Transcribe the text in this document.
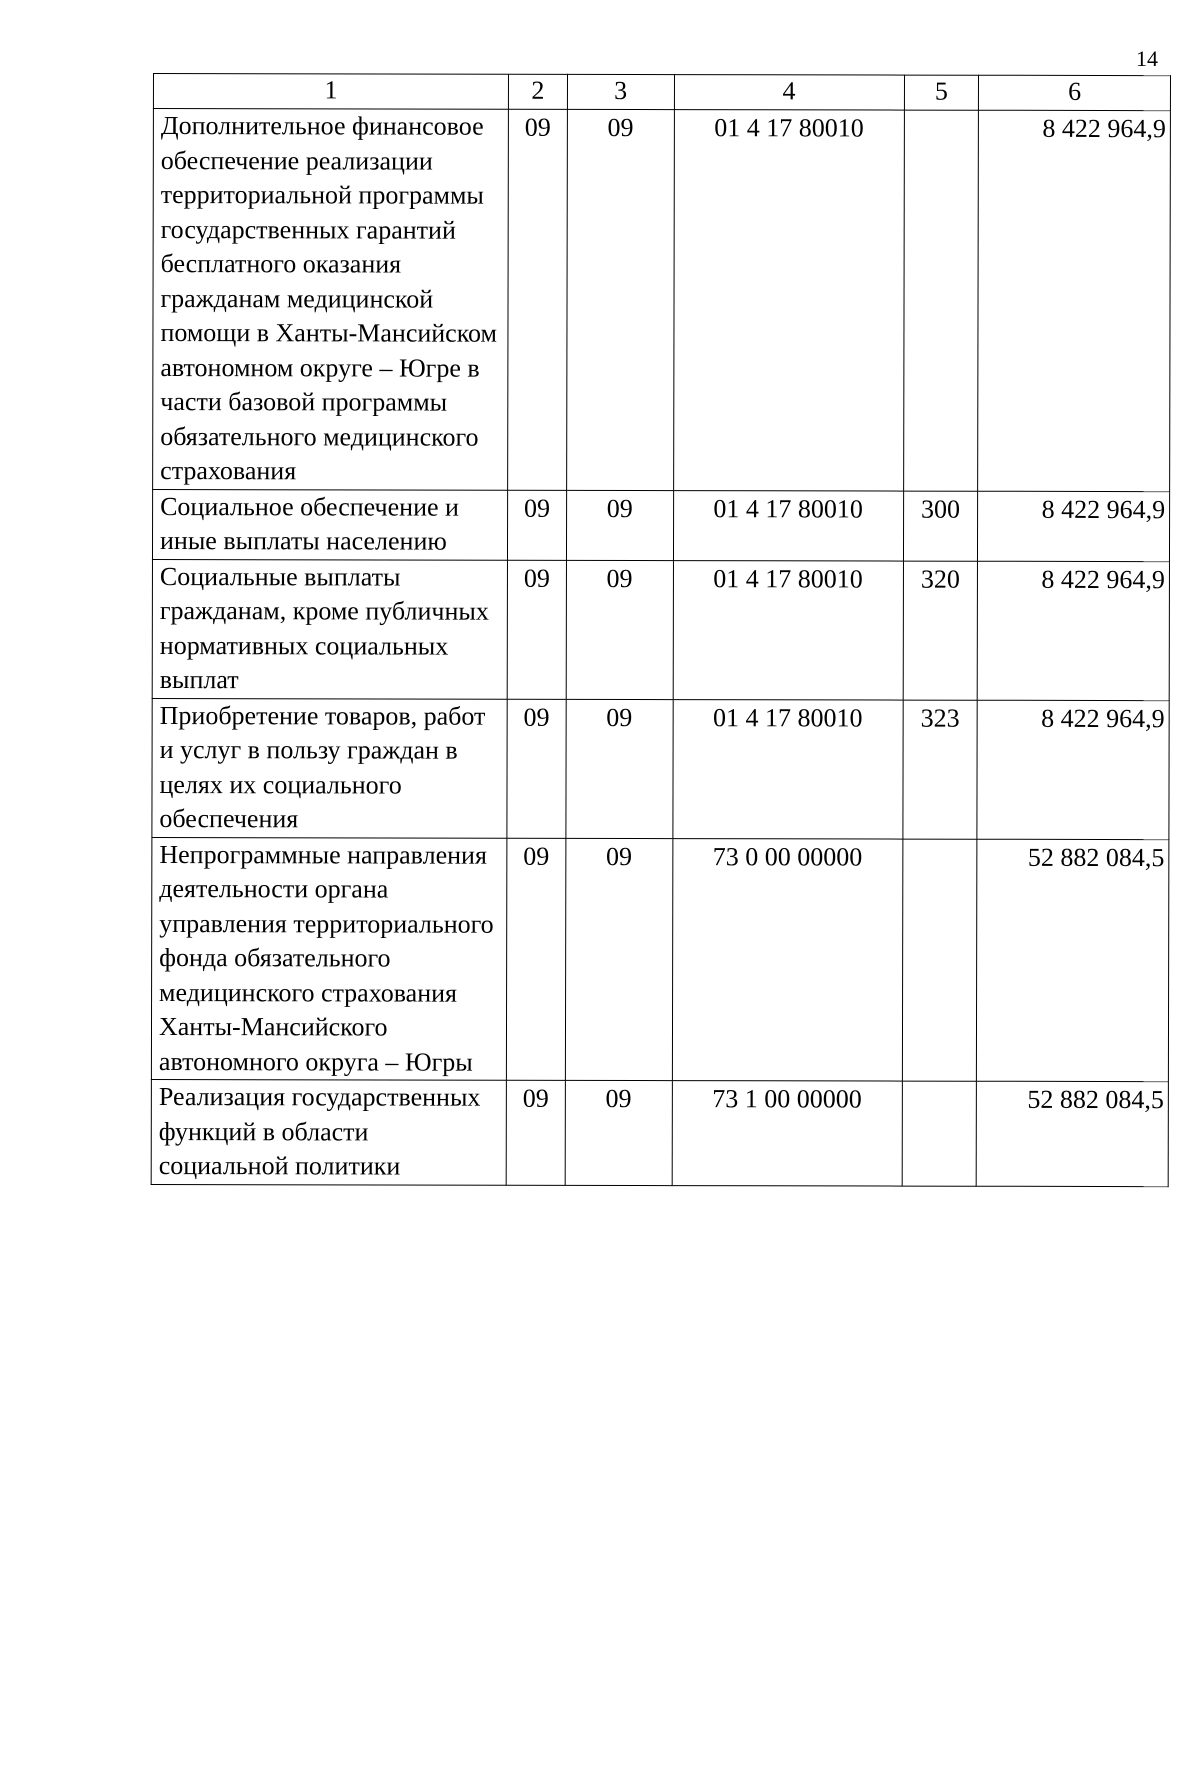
14
1	2	3	4	5	6
Дополнительное финансовое обеспечение реализации территориальной программы государственных гарантий бесплатного оказания гражданам медицинской помощи в Ханты-Мансийском автономном округе – Югре в части базовой программы обязательного медицинского страхования	09	09	01 4 17 80010		8 422 964,9
Социальное обеспечение и иные выплаты населению	09	09	01 4 17 80010	300	8 422 964,9
Социальные выплаты гражданам, кроме публичных нормативных социальных выплат	09	09	01 4 17 80010	320	8 422 964,9
Приобретение товаров, работ и услуг в пользу граждан в целях их социального обеспечения	09	09	01 4 17 80010	323	8 422 964,9
Непрограммные направления деятельности органа управления территориального фонда обязательного медицинского страхования Ханты-Мансийского автономного округа – Югры	09	09	73 0 00 00000		52 882 084,5
Реализация государственных функций в области социальной политики	09	09	73 1 00 00000		52 882 084,5
